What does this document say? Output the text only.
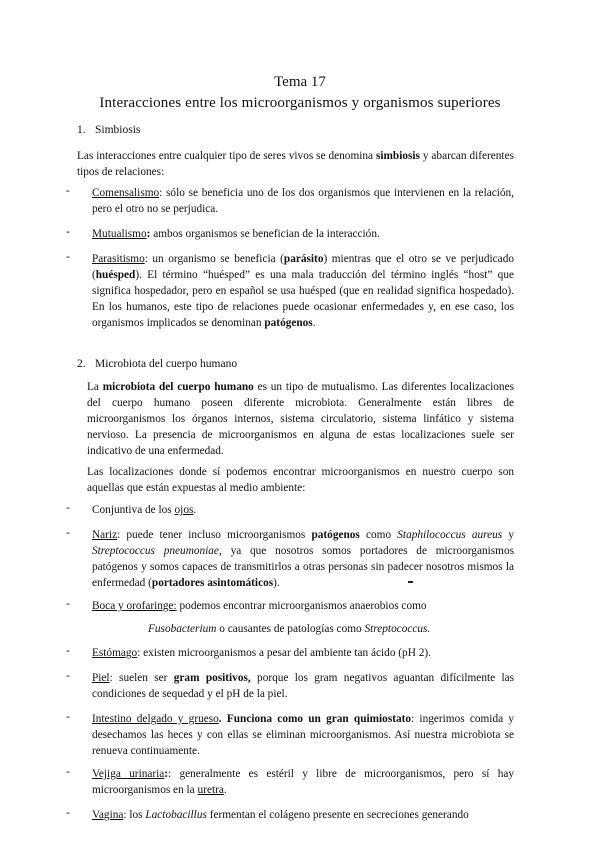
Tema 17
Interacciones entre los microorganismos y organismos superiores
1. Simbiosis
Las interacciones entre cualquier tipo de seres vivos se denomina simbiosis y abarcan diferentes tipos de relaciones:
- Comensalismo: sólo se beneficia uno de los dos organismos que intervienen en la relación, pero el otro no se perjudica.
- Mutualismo: ambos organismos se benefician de la interacción.
- Parasitismo: un organismo se beneficia (parásito) mientras que el otro se ve perjudicado (huésped). El término “huésped” es una mala traducción del término inglés “host” que significa hospedador, pero en español se usa huésped (que en realidad significa hospedado). En los humanos, este tipo de relaciones puede ocasionar enfermedades y, en ese caso, los organismos implicados se denominan patógenos.
2. Microbiota del cuerpo humano
La microbiota del cuerpo humano es un tipo de mutualismo. Las diferentes localizaciones del cuerpo humano poseen diferente microbiota. Generalmente están libres de microorganismos los órganos internos, sistema circulatorio, sistema linfático y sistema nervioso. La presencia de microorganismos en alguna de estas localizaciones suele ser indicativo de una enfermedad.
Las localizaciones donde sí podemos encontrar microorganismos en nuestro cuerpo son aquellas que están expuestas al medio ambiente:
- Conjuntiva de los ojos.
- Nariz: puede tener incluso microorganismos patógenos como Staphilococcus aureus y Streptococcus pneumoniae, ya que nosotros somos portadores de microorganismos patógenos y somos capaces de transmitirlos a otras personas sin padecer nosotros mismos la enfermedad (portadores asintomáticos).
- Boca y orofaringe: podemos encontrar microorganismos anaerobios como
Fusobacterium o causantes de patologías como Streptococcus.
- Estómago: existen microorganismos a pesar del ambiente tan ácido (pH 2).
- Piel: suelen ser gram positivos, porque los gram negativos aguantan difícilmente las condiciones de sequedad y el pH de la piel.
- Intestino delgado y grueso. Funciona como un gran quimiostato: ingerimos comida y desechamos las heces y con ellas se eliminan microorganismos. Así nuestra microbiota se renueva continuamente.
- Vejiga urinaria:: generalmente es estéril y libre de microorganismos, pero sí hay microorganismos en la uretra.
- Vagina: los Lactobacillus fermentan el colágeno presente en secreciones generando
